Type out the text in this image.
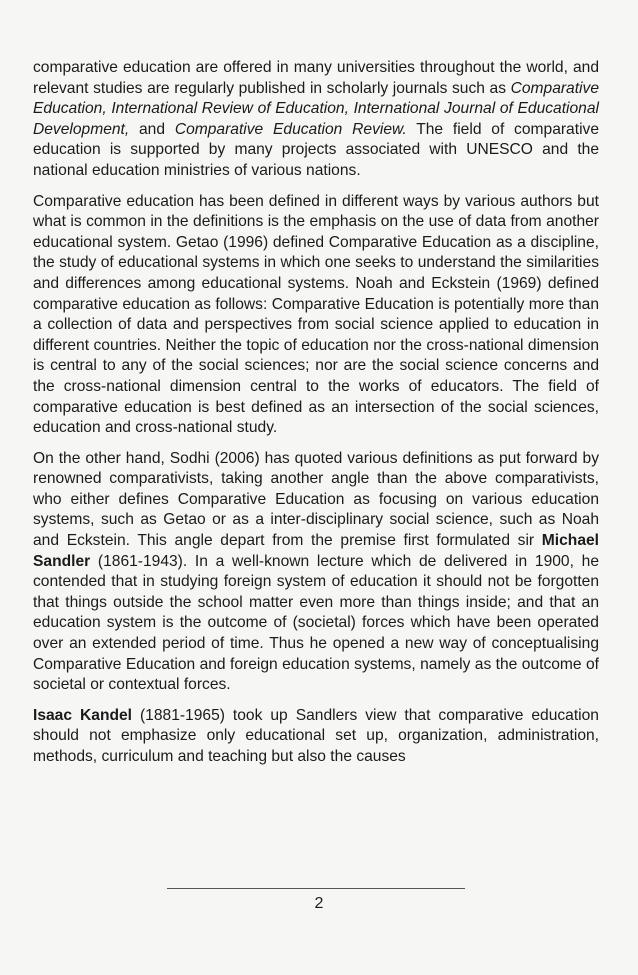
comparative education are offered in many universities throughout the world, and relevant studies are regularly published in scholarly journals such as Comparative Education, International Review of Education, International Journal of Educational Development, and Comparative Education Review. The field of comparative education is supported by many projects associated with UNESCO and the national education ministries of various nations.

Comparative education has been defined in different ways by various authors but what is common in the definitions is the emphasis on the use of data from another educational system. Getao (1996) defined Comparative Education as a discipline, the study of educational systems in which one seeks to understand the similarities and differences among educational systems. Noah and Eckstein (1969) defined comparative education as follows: Comparative Education is potentially more than a collection of data and perspectives from social science applied to education in different countries. Neither the topic of education nor the cross-national dimension is central to any of the social sciences; nor are the social science concerns and the cross-national dimension central to the works of educators. The field of comparative education is best defined as an intersection of the social sciences, education and cross-national study.

On the other hand, Sodhi (2006) has quoted various definitions as put forward by renowned comparativists, taking another angle than the above comparativists, who either defines Comparative Education as focusing on various education systems, such as Getao or as a inter-disciplinary social science, such as Noah and Eckstein. This angle depart from the premise first formulated sir Michael Sandler (1861-1943). In a well-known lecture which de delivered in 1900, he contended that in studying foreign system of education it should not be forgotten that things outside the school matter even more than things inside; and that an education system is the outcome of (societal) forces which have been operated over an extended period of time. Thus he opened a new way of conceptualising Comparative Education and foreign education systems, namely as the outcome of societal or contextual forces.

Isaac Kandel (1881-1965) took up Sandlers view that comparative education should not emphasize only educational set up, organization, administration, methods, curriculum and teaching but also the causes

2
